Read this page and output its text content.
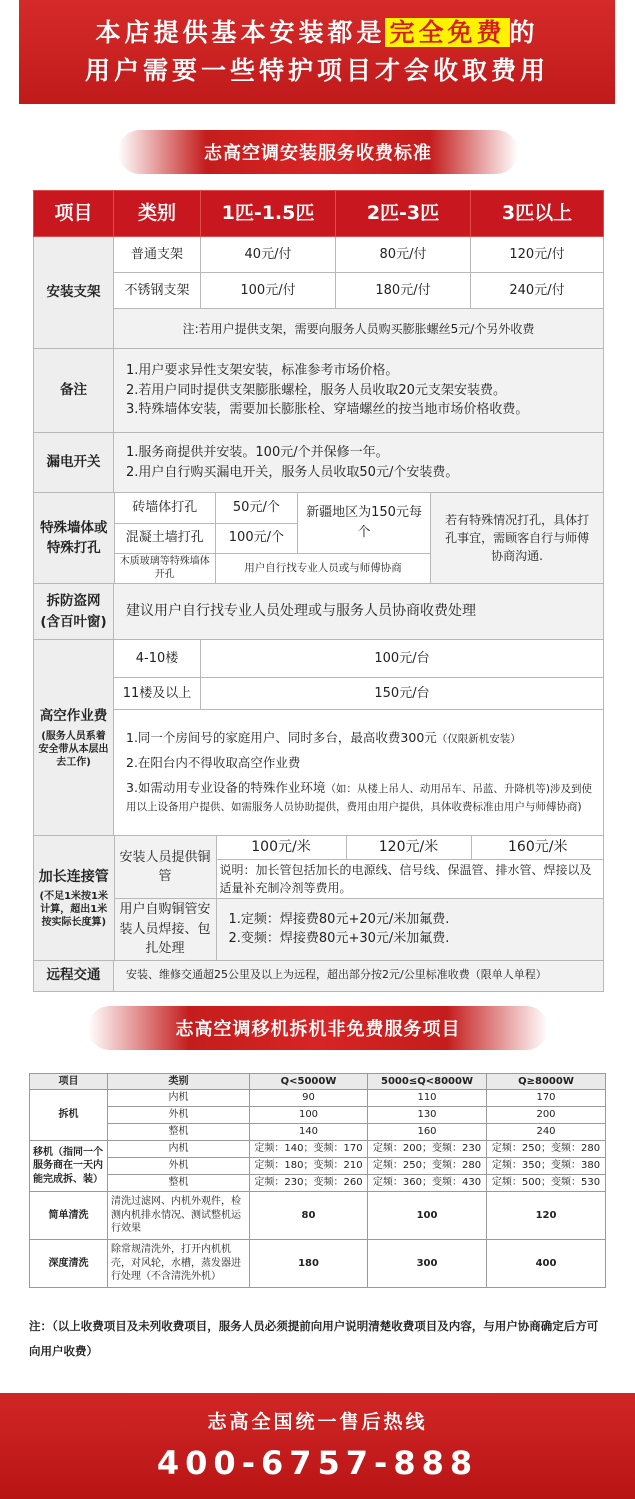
本店提供基本安装都是 完全免费 的
用户需要一些特护项目才会收取费用
志高空调安装服务收费标准
项目	类别	1匹-1.5匹	2匹-3匹	3匹以上
安装支架	普通支架	40元/付	80元/付	120元/付
不锈钢支架	100元/付	180元/付	240元/付
注:若用户提供支架，需要向服务人员购买膨胀螺丝5元/个另外收费
备注	
1.用户要求异性支架安装，标准参考市场价格。
2.若用户同时提供支架膨胀螺栓，服务人员收取20元支架安装费。
3.特殊墙体安装，需要加长膨胀栓、穿墙螺丝的按当地市场价格收费。

漏电开关	
1.服务商提供并安装。100元/个并保修一年。
2.用户自行购买漏电开关，服务人员收取50元/个安装费。

特殊墙体或特殊打孔	砖墙体打孔	50元/个	新疆地区为150元每个	若有特殊情况打孔，具体打孔事宜，需顾客自行与师傅协商沟通.
混凝土墙打孔	100元/个
木质玻璃等特殊墙体开孔	用户自行找专业人员或与师傅协商

拆防盗网(含百叶窗)	建议用户自行找专业人员处理或与服务人员协商收费处理

高空作业费
(服务人员系着安全带从本层出去工作)
	4-10楼	100元/台
11楼及以上	150元/台

1.同一个房间号的家庭用户、同时多台，最高收费300元（仅限新机安装）
2.在阳台内不得收取高空作业费
3.如需动用专业设备的特殊作业环境（如：从楼上吊人、动用吊车、吊蓝、升降机等)涉及到使用以上设备用户提供、如需服务人员协助提供，费用由用户提供，具体收费标准由用户与师傅协商)

加长连接管
(不足1米按1米计算，超出1米按实际长度算)
	安装人员提供铜管	100元/米	120元/米	160元/米
说明：加长管包括加长的电源线、信号线、保温管、排水管、焊接以及适量补充制冷剂等费用。
用户自购铜管安装人员焊接、包扎处理	
1.定频：焊接费80元+20元/米加氟费.
2.变频：焊接费80元+30元/米加氟费.

远程交通	安装、维修交通超25公里及以上为远程，超出部分按2元/公里标准收费（限单人单程）
志高空调移机拆机非免费服务项目
项目	类别	Q<5000W	5000≤Q<8000W	Q≥8000W
拆机	内机	90	110	170
	外机	100	130	200
	整机	140	160	240
移机（指同一个服务商在一天内能完成拆、装）	内机	定频：140；变频：170	定频：200；变频：230	定频：250；变频：280
	外机	定频：180；变频：210	定频：250；变频：280	定频：350；变频：380
	整机	定频：230；变频：260	定频：360；变频：430	定频：500；变频：530
简单清洗	清洗过滤网、内机外观件，检测内机排水情况、测试整机运行效果	80	100	120
深度清洗	除常规清洗外，打开内机机壳，对风轮，水槽，蒸发器进行处理（不含清洗外机）	180	300	400
注：（以上收费项目及未列收费项目，服务人员必须提前向用户说明清楚收费项目及内容，与用户协商确定后方可向用户收费）
志高全国统一售后热线
400-6757-888
